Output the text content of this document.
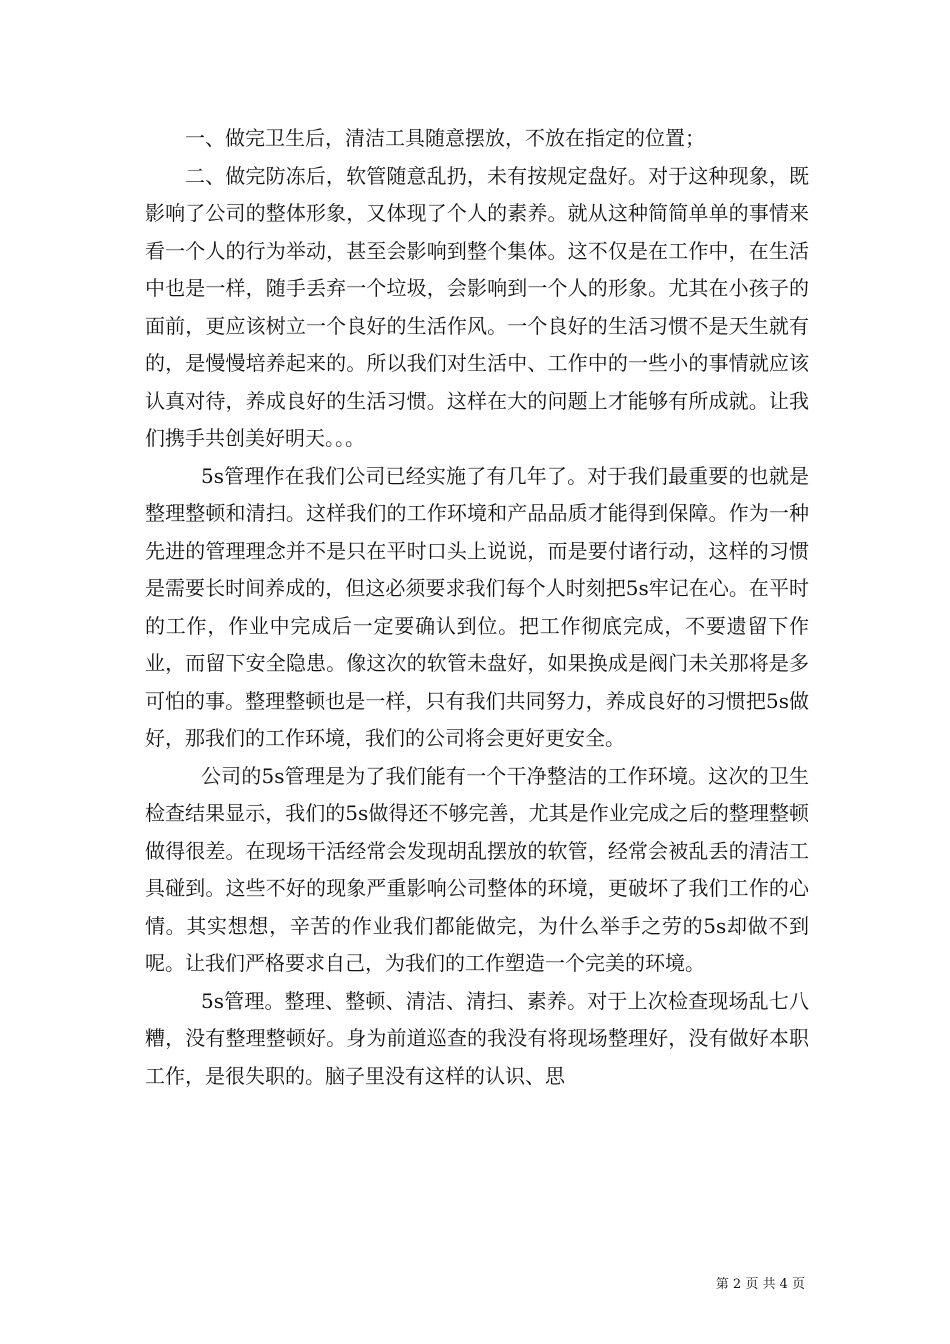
一、做完卫生后，清洁工具随意摆放，不放在指定的位置；

二、做完防冻后，软管随意乱扔，未有按规定盘好。对于这种现象，既影响了公司的整体形象，又体现了个人的素养。就从这种简简单单的事情来看一个人的行为举动，甚至会影响到整个集体。这不仅是在工作中，在生活中也是一样，随手丢弃一个垃圾，会影响到一个人的形象。尤其在小孩子的面前，更应该树立一个良好的生活作风。一个良好的生活习惯不是天生就有的，是慢慢培养起来的。所以我们对生活中、工作中的一些小的事情就应该认真对待，养成良好的生活习惯。这样在大的问题上才能够有所成就。让我们携手共创美好明天。。。

5s管理作在我们公司已经实施了有几年了。对于我们最重要的也就是整理整顿和清扫。这样我们的工作环境和产品品质才能得到保障。作为一种先进的管理理念并不是只在平时口头上说说，而是要付诸行动，这样的习惯是需要长时间养成的，但这必须要求我们每个人时刻把5s牢记在心。在平时的工作，作业中完成后一定要确认到位。把工作彻底完成，不要遗留下作业，而留下安全隐患。像这次的软管未盘好，如果换成是阀门未关那将是多可怕的事。整理整顿也是一样，只有我们共同努力，养成良好的习惯把5s做好，那我们的工作环境，我们的公司将会更好更安全。

公司的5s管理是为了我们能有一个干净整洁的工作环境。这次的卫生检查结果显示，我们的5s做得还不够完善，尤其是作业完成之后的整理整顿做得很差。在现场干活经常会发现胡乱摆放的软管，经常会被乱丢的清洁工具碰到。这些不好的现象严重影响公司整体的环境，更破坏了我们工作的心情。其实想想，辛苦的作业我们都能做完，为什么举手之劳的5s却做不到呢。让我们严格要求自己，为我们的工作塑造一个完美的环境。

5s管理。整理、整顿、清洁、清扫、素养。对于上次检查现场乱七八糟，没有整理整顿好。身为前道巡查的我没有将现场整理好，没有做好本职工作，是很失职的。脑子里没有这样的认识、思

第 2 页 共 4 页
